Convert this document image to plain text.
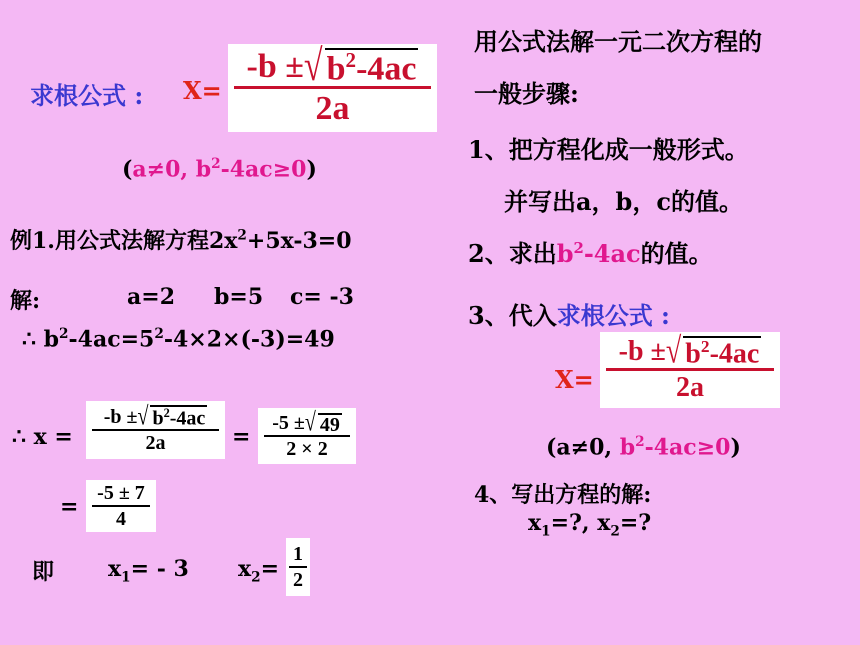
求根公式 : X=
-b ± √ $b^2-4ac$
2a
(a≠0, $b^2-4ac\ge 0$)
例1.用公式法解方程$2x^2+5x-3=0$
解:	a=2 b=5 c= -3
∴ $b^2-4ac=5^2-4\times 2\times(-3)=49$
∴ x =
-b ± √ $b^2-4ac$
2a	=
-5 ± √ 49
2 × 2
=
-5 ± 7
4
即 $x_1= - 3$ $x_2=$
1
2
用公式法解一元二次方程的
一般步骤:
1、把方程化成一般形式。
并写出a，b，c的值。
2、求出$b^2-4ac$的值。
3、代入求根公式 :
X=
-b ± √ $b^2-4ac$
2a
(a≠0, $b^2-4ac\ge 0$)
4、写出方程的解:
$x_1=$?, $x_2=$?
